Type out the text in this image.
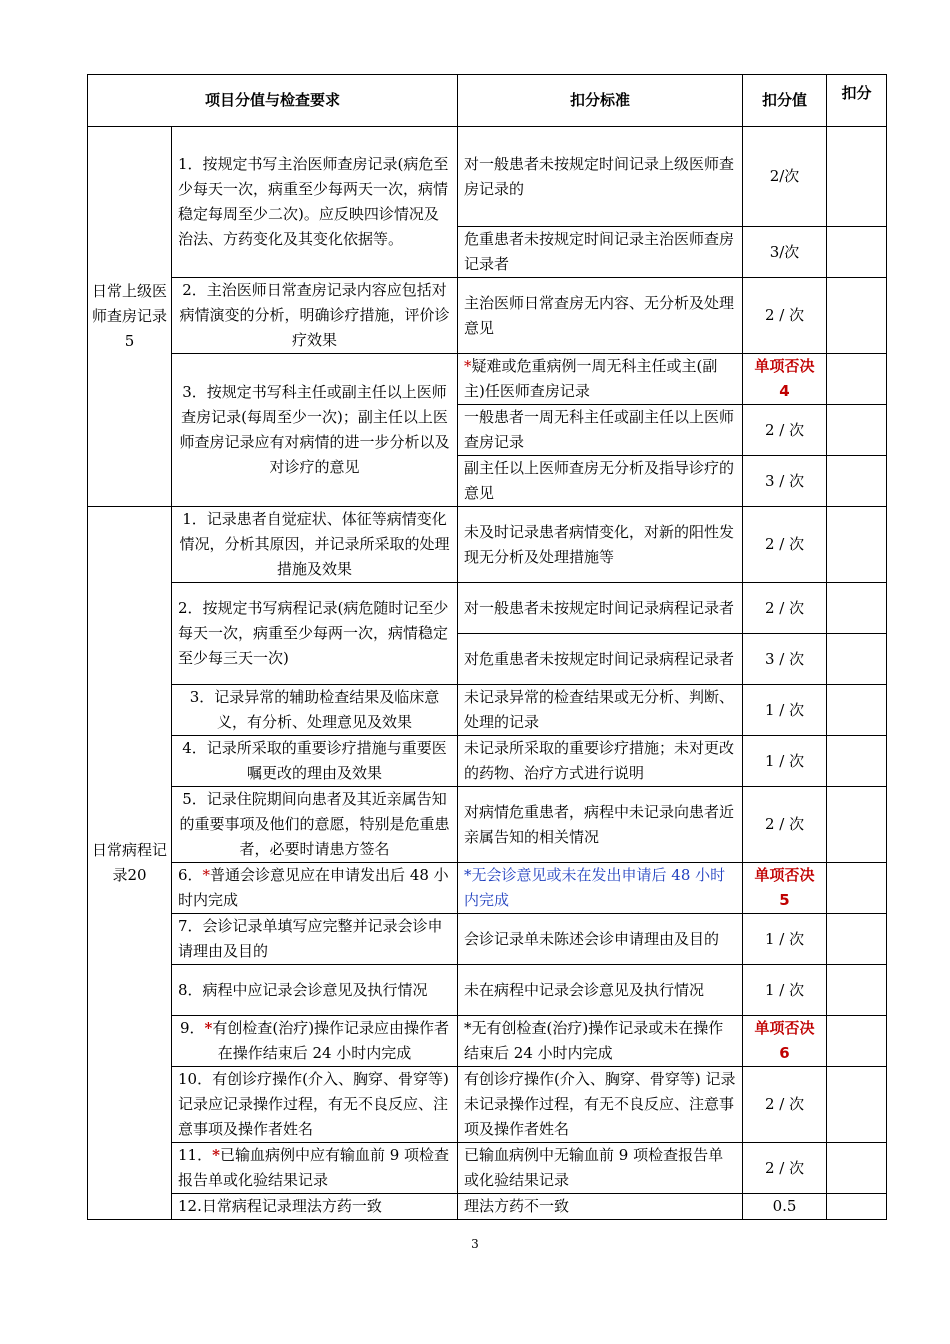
项目分值与检查要求		扣分标准	扣分值	扣分
日常上级医师查房记录5	1．按规定书写主治医师查房记录(病危至少每天一次，病重至少每两天一次，病情稳定每周至少二次)。应反映四诊情况及治法、方药变化及其变化依据等。	对一般患者未按规定时间记录上级医师查房记录的	2/次	
		危重患者未按规定时间记录主治医师查房记录者	3/次	
	2．主治医师日常查房记录内容应包括对病情演变的分析，明确诊疗措施，评价诊疗效果	主治医师日常查房无内容、无分析及处理意见	2 / 次	
	3．按规定书写科主任或副主任以上医师查房记录(每周至少一次)；副主任以上医师查房记录应有对病情的进一步分析以及对诊疗的意见	*疑难或危重病例一周无科主任或主(副主)任医师查房记录	单项否决 4	
		一般患者一周无科主任或副主任以上医师查房记录	2 / 次	
		副主任以上医师查房无分析及指导诊疗的意见	3 / 次	
日常病程记录20	1．记录患者自觉症状、体征等病情变化情况，分析其原因，并记录所采取的处理措施及效果	未及时记录患者病情变化，对新的阳性发现无分析及处理措施等	2 / 次	
	2．按规定书写病程记录(病危随时记至少每天一次，病重至少每两一次，病情稳定至少每三天一次)	对一般患者未按规定时间记录病程记录者	2 / 次	
		对危重患者未按规定时间记录病程记录者	3 / 次	
	3．记录异常的辅助检查结果及临床意义，有分析、处理意见及效果	未记录异常的检查结果或无分析、判断、处理的记录	1 / 次	
	4．记录所采取的重要诊疗措施与重要医嘱更改的理由及效果	未记录所采取的重要诊疗措施；未对更改的药物、治疗方式进行说明	1 / 次	
	5．记录住院期间向患者及其近亲属告知的重要事项及他们的意愿，特别是危重患者，必要时请患方签名	对病情危重患者，病程中未记录向患者近亲属告知的相关情况	2 / 次	
	6．*普通会诊意见应在申请发出后 48 小时内完成	*无会诊意见或未在发出申请后 48 小时内完成	单项否决 5	
	7．会诊记录单填写应完整并记录会诊申请理由及目的	会诊记录单未陈述会诊申请理由及目的	1 / 次	
	8．病程中应记录会诊意见及执行情况	未在病程中记录会诊意见及执行情况	1 / 次	
	9．*有创检查(治疗)操作记录应由操作者在操作结束后 24 小时内完成	*无有创检查(治疗)操作记录或未在操作结束后 24 小时内完成	单项否决 6	
	10．有创诊疗操作(介入、胸穿、骨穿等)记录应记录操作过程，有无不良反应、注意事项及操作者姓名	有创诊疗操作(介入、胸穿、骨穿等) 记录未记录操作过程，有无不良反应、注意事项及操作者姓名	2 / 次	
	11．*已输血病例中应有输血前 9 项检查报告单或化验结果记录	已输血病例中无输血前 9 项检查报告单或化验结果记录	2 / 次	
	12.日常病程记录理法方药一致	理法方药不一致	0.5	
3
